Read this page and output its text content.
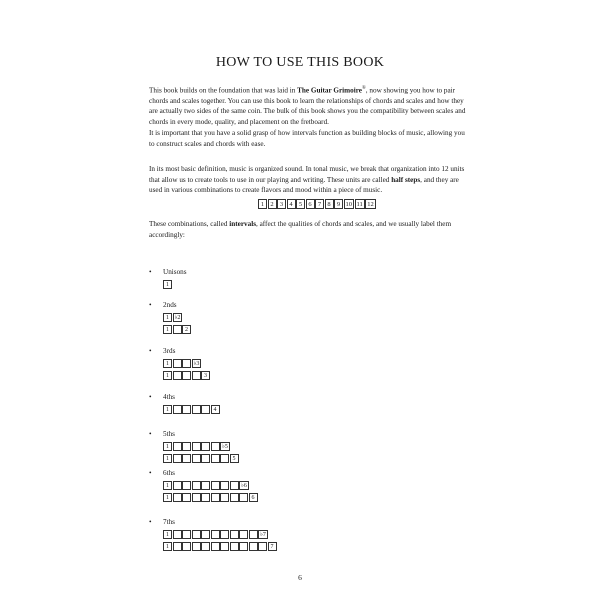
HOW TO USE THIS BOOK
This book builds on the foundation that was laid in The Guitar Grimoire®, now showing you how to pair chords and scales together. You can use this book to learn the relationships of chords and scales and how they are actually two sides of the same coin. The bulk of this book shows you the compatibility between scales and chords in every mode, quality, and placement on the fretboard.
It is important that you have a solid grasp of how intervals function as building blocks of music, allowing you to construct scales and chords with ease.
In its most basic definition, music is organized sound. In tonal music, we break that organization into 12 units that allow us to create tools to use in our playing and writing. These units are called half steps, and they are used in various combinations to create flavors and mood within a piece of music.
1 2 3 4 5 6 7 8 9 10 11 12
These combinations, called intervals, affect the qualities of chords and scales, and we usually label them accordingly:
• Unisons
1
• 2nds
1 ♭2
1	2
• 3rds
1	♭3
1	3
• 4ths
1	4
• 5ths
1	♭5
1	5
• 6ths
1	♭6
1	6
• 7ths
1	♭7
1	7
6
